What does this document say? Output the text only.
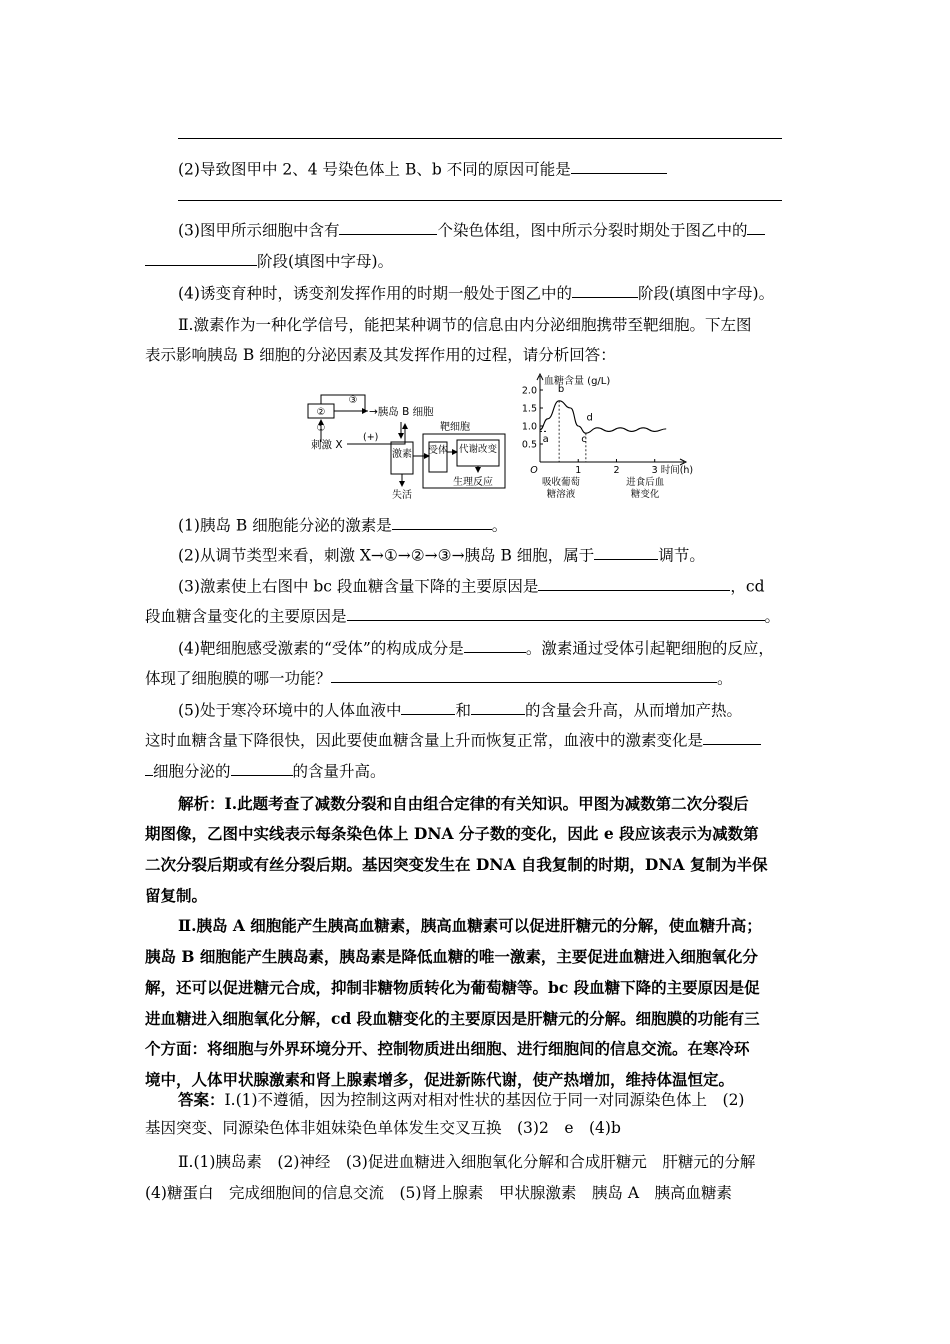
(2)导致图甲中 2、4 号染色体上 B、b 不同的原因可能是
(3)图甲所示细胞中含有	个染色体组，图中所示分裂时期处于图乙中的
阶段(填图中字母)。
(4)诱变育种时，诱变剂发挥作用的时期一般处于图乙中的	阶段(填图中字母)。
Ⅱ.激素作为一种化学信号，能把某种调节的信息由内分泌细胞携带至靶细胞。下左图
表示影响胰岛 B 细胞的分泌因素及其发挥作用的过程，请分析回答：
②
③
→胰岛 B 细胞
①
刺激 X
(+)
激素
失活
靶细胞
受体 代谢改变
生理反应
血糖含量 (g/L)
2.0
1.5
1.0
0.5
O	1	2	3 时间(h)
a
b
c
d
吸收葡萄
糖溶液
进食后血
糖变化
(1)胰岛 B 细胞能分泌的激素是	。
(2)从调节类型来看，刺激 X→①→②→③→胰岛 B 细胞，属于	调节。
(3)激素使上右图中 bc 段血糖含量下降的主要原因是	，cd
段血糖含量变化的主要原因是	。
(4)靶细胞感受激素的“受体”的构成成分是	。激素通过受体引起靶细胞的反应，
体现了细胞膜的哪一功能？	。
(5)处于寒冷环境中的人体血液中	和	的含量会升高，从而增加产热。
这时血糖含量下降很快，因此要使血糖含量上升而恢复正常，血液中的激素变化是
细胞分泌的	的含量升高。
解析：Ⅰ.此题考查了减数分裂和自由组合定律的有关知识。甲图为减数第二次分裂后
期图像，乙图中实线表示每条染色体上 DNA 分子数的变化，因此 e 段应该表示为减数第
二次分裂后期或有丝分裂后期。基因突变发生在 DNA 自我复制的时期，DNA 复制为半保
留复制。
Ⅱ.胰岛 A 细胞能产生胰高血糖素，胰高血糖素可以促进肝糖元的分解，使血糖升高；
胰岛 B 细胞能产生胰岛素，胰岛素是降低血糖的唯一激素，主要促进血糖进入细胞氧化分
解，还可以促进糖元合成，抑制非糖物质转化为葡萄糖等。bc 段血糖下降的主要原因是促
进血糖进入细胞氧化分解，cd 段血糖变化的主要原因是肝糖元的分解。细胞膜的功能有三
个方面：将细胞与外界环境分开、控制物质进出细胞、进行细胞间的信息交流。在寒冷环
境中，人体甲状腺激素和肾上腺素增多，促进新陈代谢，使产热增加，维持体温恒定。
答案：Ⅰ.(1)不遵循，因为控制这两对相对性状的基因位于同一对同源染色体上　(2)
基因突变、同源染色体非姐妹染色单体发生交叉互换　(3)2　e　(4)b
Ⅱ.(1)胰岛素　(2)神经　(3)促进血糖进入细胞氧化分解和合成肝糖元　肝糖元的分解
(4)糖蛋白　完成细胞间的信息交流　(5)肾上腺素　甲状腺激素　胰岛 A　胰高血糖素
